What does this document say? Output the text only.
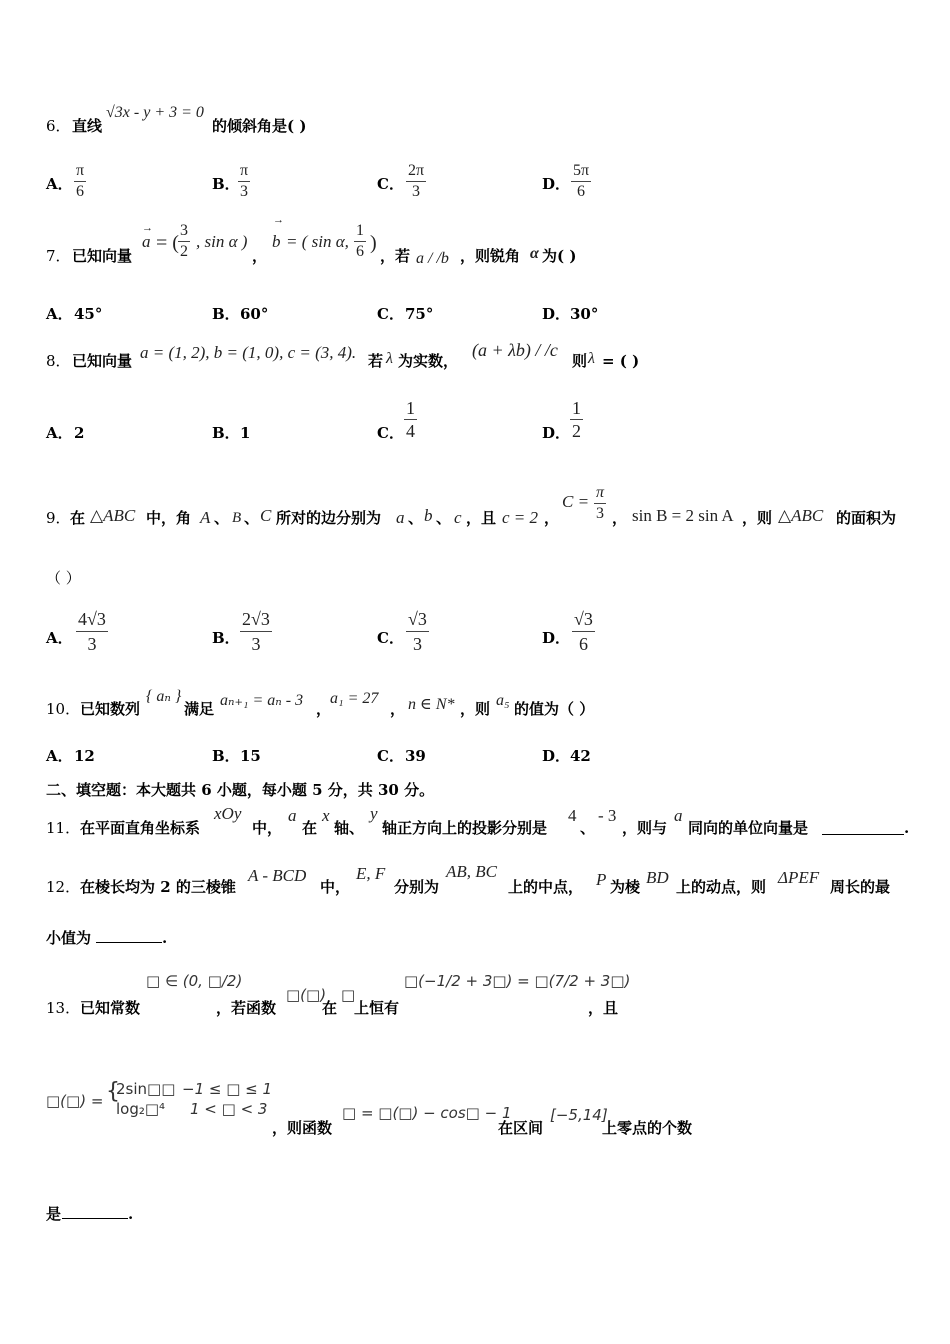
6． 直线
√3x - y + 3 = 0
的倾斜角是( )
A．
π
6	B．
π
3	C．
2π
3	D．
5π
6
7． 已知向量
a
→
= (
3
2
, sin α )
，
b
→
= ( sin α,
1
6 )
，若 a / /b ，则锐角 α 为( )
A． 45°	B． 60°	C． 75°	D． 30°
8． 已知向量 a = (1, 2), b = (1, 0), c = (3, 4). 若 λ 为实数，
(a + λb) / /c
则 λ = ( )
A． 2	B． 1	C．
1
4	D．
1
2
9． 在 △ABC 中，角 A 、 B 、 C 所对的边分别为 a 、 b 、 c ，且 c = 2 ，
C = π
3 ， sin B = 2 sin A ，则 △ABC 的面积为
（ ）
A．
4√3
3	B．
2√3
3	C．
√3
3	D．
√3
6
10． 已知数列
{ aₙ }
满足 aₙ₊₁ = aₙ - 3 ，
a₁ = 27
， n ∈ N* ，则 a₅ 的值为（ ）
A． 12	B． 15	C． 39	D． 42
二、填空题：本大题共 6 小题，每小题 5 分，共 30 分。
11． 在平面直角坐标系
xOy
中，
a
在
x
轴、
y
轴正方向上的投影分别是
4
、
- 3
，则与
a
同向的单位向量是	.
12． 在棱长均为 2 的三棱锥
A - BCD
中，
E, F
分别为
AB, BC
上的中点， P 为棱 BD 上的动点，则 ΔPEF 周长的最
小值为	.
13． 已知常数
□ ∈ (0, □/2)
，若函数
□(□)
在
□
上恒有
□(−1/2 + 3□) = □(7/2 + 3□)
，且
□(□) = {
2sin□□ −1 ≤ □ ≤ 1
log₂□⁴ 1 < □ < 3
，则函数
□ = □(□) − cos□ − 1
在区间
[−5,14]
上零点的个数
是	.
